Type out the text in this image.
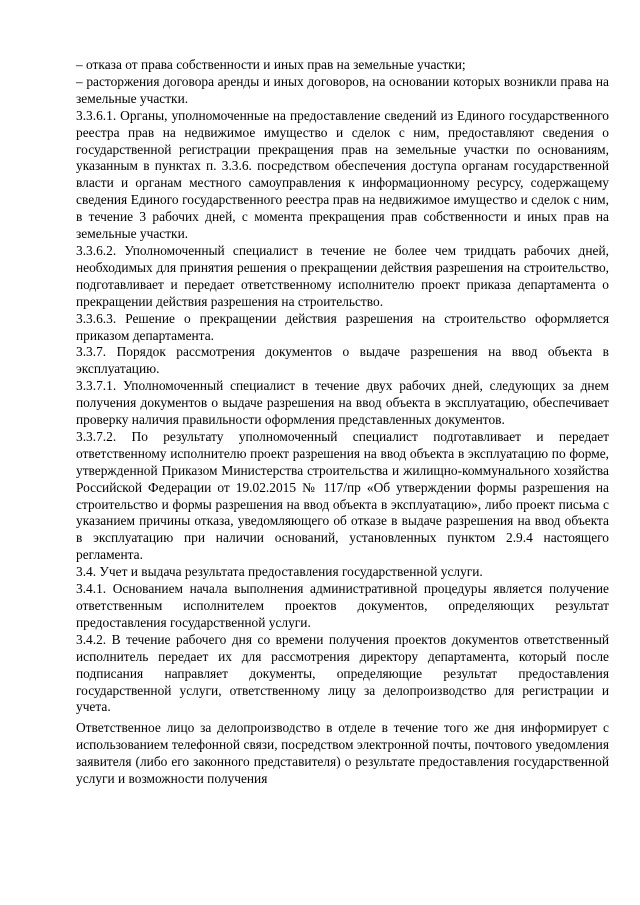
– отказа от права собственности и иных прав на земельные участки;

– расторжения договора аренды и иных договоров, на основании которых возникли права на земельные участки.

3.3.6.1. Органы, уполномоченные на предоставление сведений из Единого государственного реестра прав на недвижимое имущество и сделок с ним, предоставляют сведения о государственной регистрации прекращения прав на земельные участки по основаниям, указанным в пунктах п. 3.3.6. посредством обеспечения доступа органам государственной власти и органам местного самоуправления к информационному ресурсу, содержащему сведения Единого государственного реестра прав на недвижимое имущество и сделок с ним, в течение 3 рабочих дней, с момента прекращения прав собственности и иных прав на земельные участки.

3.3.6.2. Уполномоченный специалист в течение не более чем тридцать рабочих дней, необходимых для принятия решения о прекращении действия разрешения на строительство, подготавливает и передает ответственному исполнителю проект приказа департамента о прекращении действия разрешения на строительство.

3.3.6.3. Решение о прекращении действия разрешения на строительство оформляется приказом департамента.

3.3.7. Порядок рассмотрения документов о выдаче разрешения на ввод объекта в эксплуатацию.

3.3.7.1. Уполномоченный специалист в течение двух рабочих дней, следующих за днем получения документов о выдаче разрешения на ввод объекта в эксплуатацию, обеспечивает проверку наличия правильности оформления представленных документов.

3.3.7.2. По результату уполномоченный специалист подготавливает и передает ответственному исполнителю проект разрешения на ввод объекта в эксплуатацию по форме, утвержденной Приказом Министерства строительства и жилищно-коммунального хозяйства Российской Федерации от 19.02.2015 № 117/пр «Об утверждении формы разрешения на строительство и формы разрешения на ввод объекта в эксплуатацию», либо проект письма с указанием причины отказа, уведомляющего об отказе в выдаче разрешения на ввод объекта в эксплуатацию при наличии оснований, установленных пунктом 2.9.4 настоящего регламента.

3.4. Учет и выдача результата предоставления государственной услуги.

3.4.1. Основанием начала выполнения административной процедуры является получение ответственным исполнителем проектов документов, определяющих результат предоставления государственной услуги.

3.4.2. В течение рабочего дня со времени получения проектов документов ответственный исполнитель передает их для рассмотрения директору департамента, который после подписания направляет документы, определяющие результат предоставления государственной услуги, ответственному лицу за делопроизводство для регистрации и учета.

Ответственное лицо за делопроизводство в отделе в течение того же дня информирует с использованием телефонной связи, посредством электронной почты, почтового уведомления заявителя (либо его законного представителя) о результате предоставления государственной услуги и возможности получения
